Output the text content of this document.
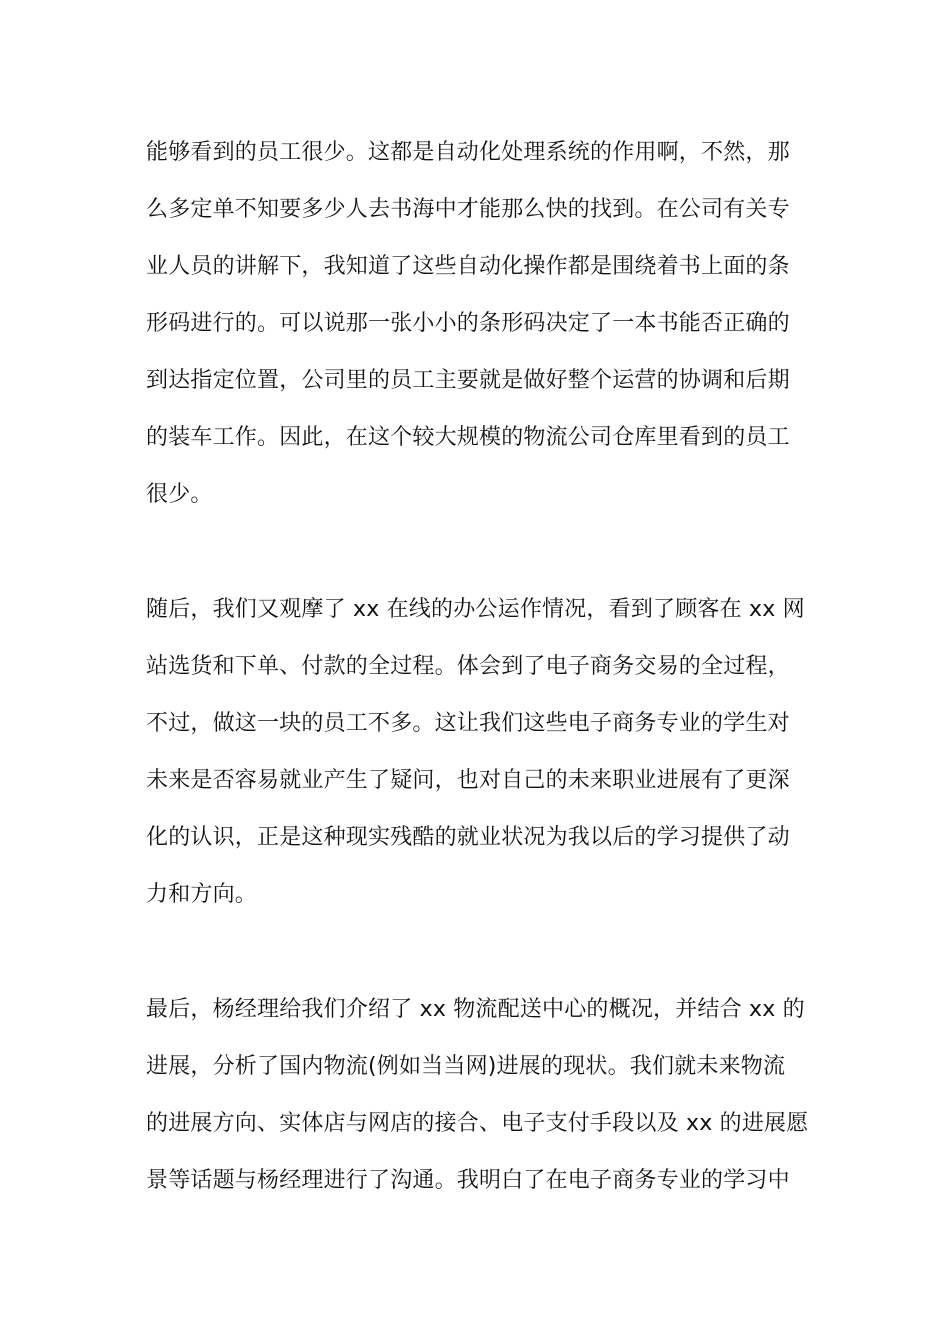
能够看到的员工很少。这都是自动化处理系统的作用啊，不然，那
么多定单不知要多少人去书海中才能那么快的找到。在公司有关专
业人员的讲解下，我知道了这些自动化操作都是围绕着书上面的条
形码进行的。可以说那一张小小的条形码决定了一本书能否正确的
到达指定位置，公司里的员工主要就是做好整个运营的协调和后期
的装车工作。因此，在这个较大规模的物流公司仓库里看到的员工
很少。
随后，我们又观摩了 xx 在线的办公运作情况，看到了顾客在 xx 网
站选货和下单、付款的全过程。体会到了电子商务交易的全过程，
不过，做这一块的员工不多。这让我们这些电子商务专业的学生对
未来是否容易就业产生了疑问，也对自己的未来职业进展有了更深
化的认识，正是这种现实残酷的就业状况为我以后的学习提供了动
力和方向。
最后，杨经理给我们介绍了 xx 物流配送中心的概况，并结合 xx 的
进展，分析了国内物流(例如当当网)进展的现状。我们就未来物流
的进展方向、实体店与网店的接合、电子支付手段以及 xx 的进展愿
景等话题与杨经理进行了沟通。我明白了在电子商务专业的学习中
